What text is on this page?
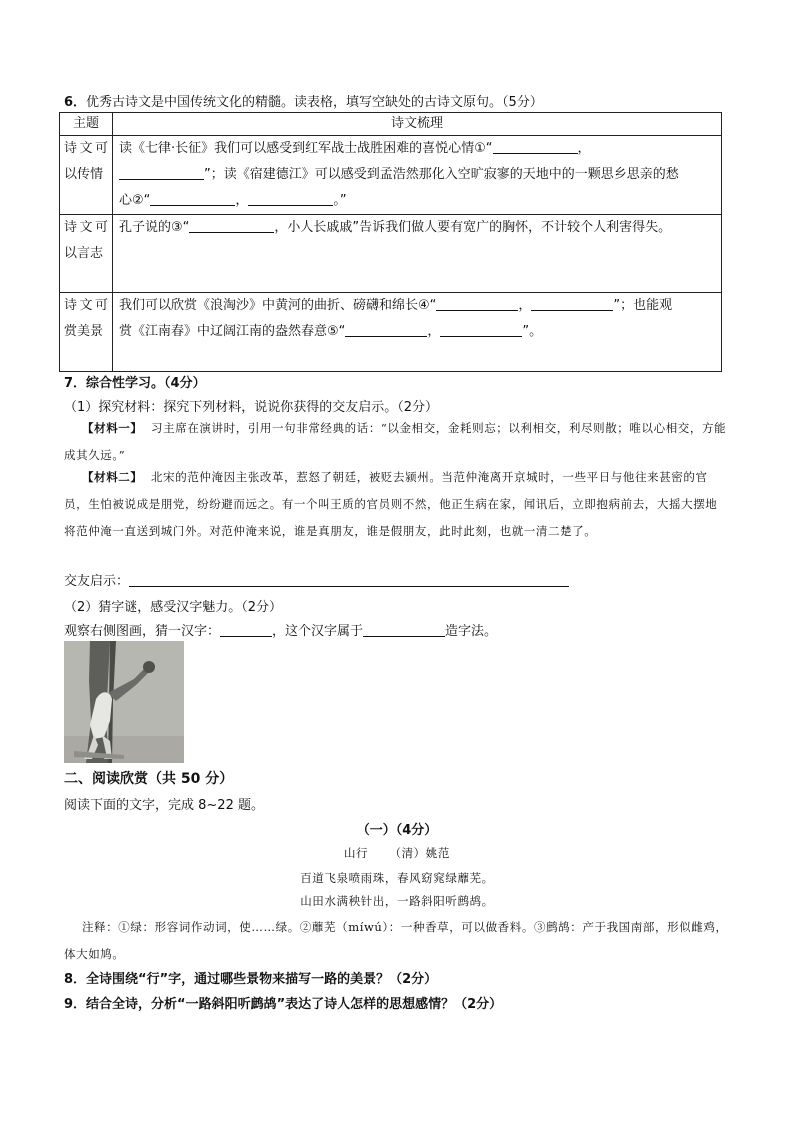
6．优秀古诗文是中国传统文化的精髓。读表格，填写空缺处的古诗文原句。（5分）
主题	诗文梳理
诗文可以传情	读《七律·长征》我们可以感受到红军战士战胜困难的喜悦心情①“ ，
”；读《宿建德江》可以感受到孟浩然那化入空旷寂寥的天地中的一颗思乡思亲的愁
心②“ ， 。”
诗文可以言志	孔子说的③“ ，小人长戚戚”告诉我们做人要有宽广的胸怀，不计较个人利害得失。
诗文可赏美景	我们可以欣赏《浪淘沙》中黄河的曲折、磅礴和绵长④“ ， ”；也能观
赏《江南春》中辽阔江南的盎然春意⑤“ ， ”。

7．综合性学习。（4分）
（1）探究材料：探究下列材料，说说你获得的交友启示。（2分）
【材料一】 习主席在演讲时，引用一句非常经典的话：“以金相交，金耗则忘；以利相交，利尽则散；唯以心相交，方能成其久远。”
【材料二】 北宋的范仲淹因主张改革，惹怒了朝廷，被贬去颍州。当范仲淹离开京城时，一些平日与他往来甚密的官员，生怕被说成是朋党，纷纷避而远之。有一个叫王质的官员则不然，他正生病在家，闻讯后，立即抱病前去，大摇大摆地将范仲淹一直送到城门外。对范仲淹来说，谁是真朋友，谁是假朋友，此时此刻，也就一清二楚了。
交友启示：
（2）猜字谜，感受汉字魅力。（2分）
观察右侧图画，猜一汉字：	，这个汉字属于	造字法。
二、阅读欣赏（共 50 分）
阅读下面的文字，完成 8~22 题。
（一）（4分）
山行 （清）姚范
百道飞泉喷雨珠，春风窈窕绿蘼芜。
山田水满秧针出，一路斜阳听鹧鸪。
注释：①绿：形容词作动词，使……绿。②蘼芜（míwú）：一种香草，可以做香料。③鹧鸪：产于我国南部，形似雌鸡，体大如鸠。
8．全诗围绕“行”字，通过哪些景物来描写一路的美景？（2分）
9．结合全诗，分析“一路斜阳听鹧鸪”表达了诗人怎样的思想感情？（2分）
